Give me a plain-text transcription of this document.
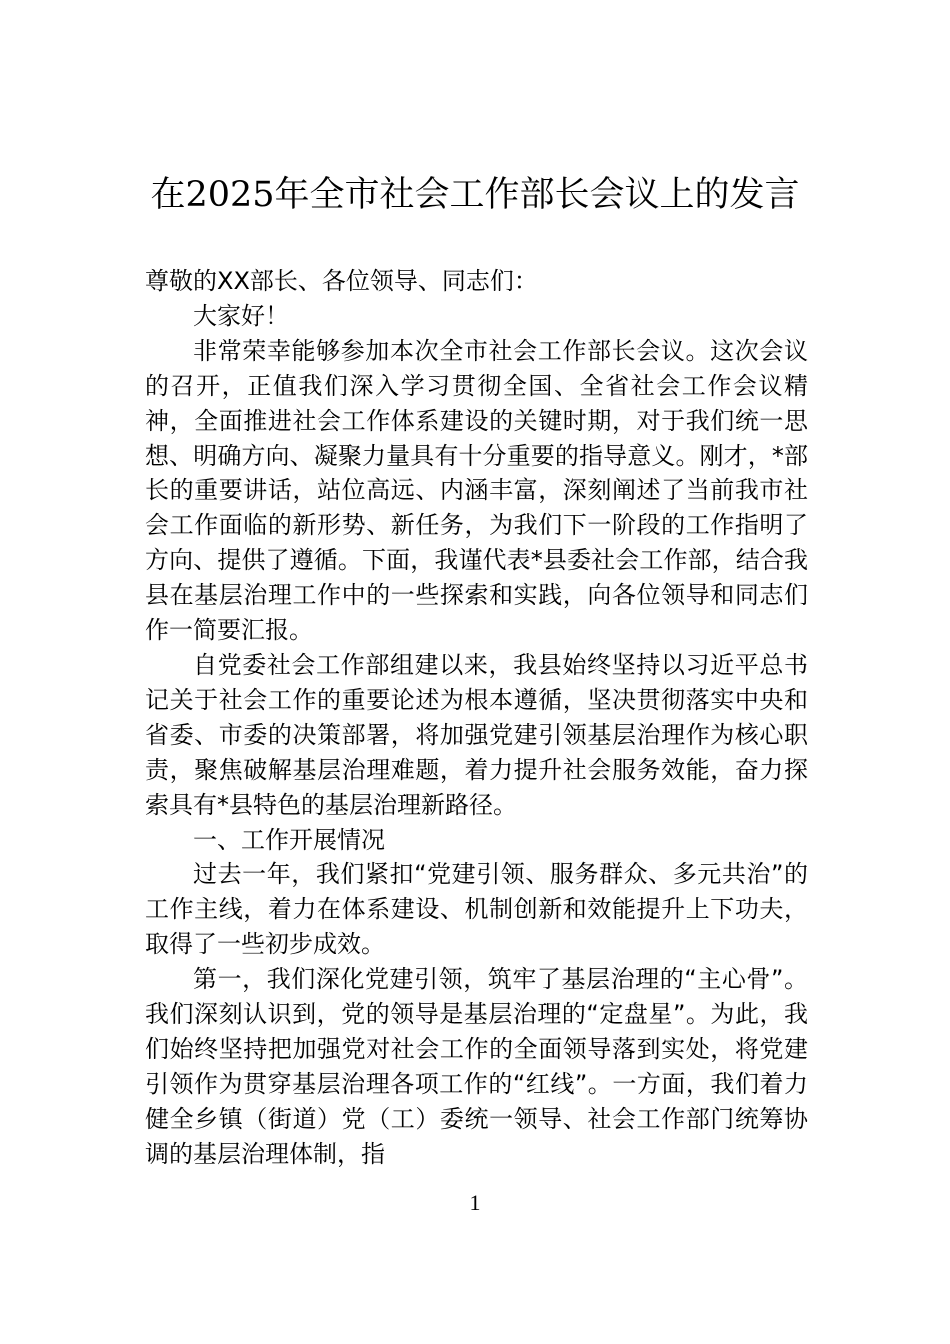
在2025年全市社会工作部长会议上的发言

尊敬的XX部长、各位领导、同志们：

大家好！

非常荣幸能够参加本次全市社会工作部长会议。这次会议的召开，正值我们深入学习贯彻全国、全省社会工作会议精神，全面推进社会工作体系建设的关键时期，对于我们统一思想、明确方向、凝聚力量具有十分重要的指导意义。刚才，*部长的重要讲话，站位高远、内涵丰富，深刻阐述了当前我市社会工作面临的新形势、新任务，为我们下一阶段的工作指明了方向、提供了遵循。下面，我谨代表*县委社会工作部，结合我县在基层治理工作中的一些探索和实践，向各位领导和同志们作一简要汇报。

自党委社会工作部组建以来，我县始终坚持以习近平总书记关于社会工作的重要论述为根本遵循，坚决贯彻落实中央和省委、市委的决策部署，将加强党建引领基层治理作为核心职责，聚焦破解基层治理难题，着力提升社会服务效能，奋力探索具有*县特色的基层治理新路径。

一、工作开展情况

过去一年，我们紧扣“党建引领、服务群众、多元共治”的工作主线，着力在体系建设、机制创新和效能提升上下功夫，取得了一些初步成效。

第一，我们深化党建引领，筑牢了基层治理的“主心骨”。我们深刻认识到，党的领导是基层治理的“定盘星”。为此，我们始终坚持把加强党对社会工作的全面领导落到实处，将党建引领作为贯穿基层治理各项工作的“红线”。一方面，我们着力健全乡镇（街道）党（工）委统一领导、社会工作部门统筹协调的基层治理体制，指

1
